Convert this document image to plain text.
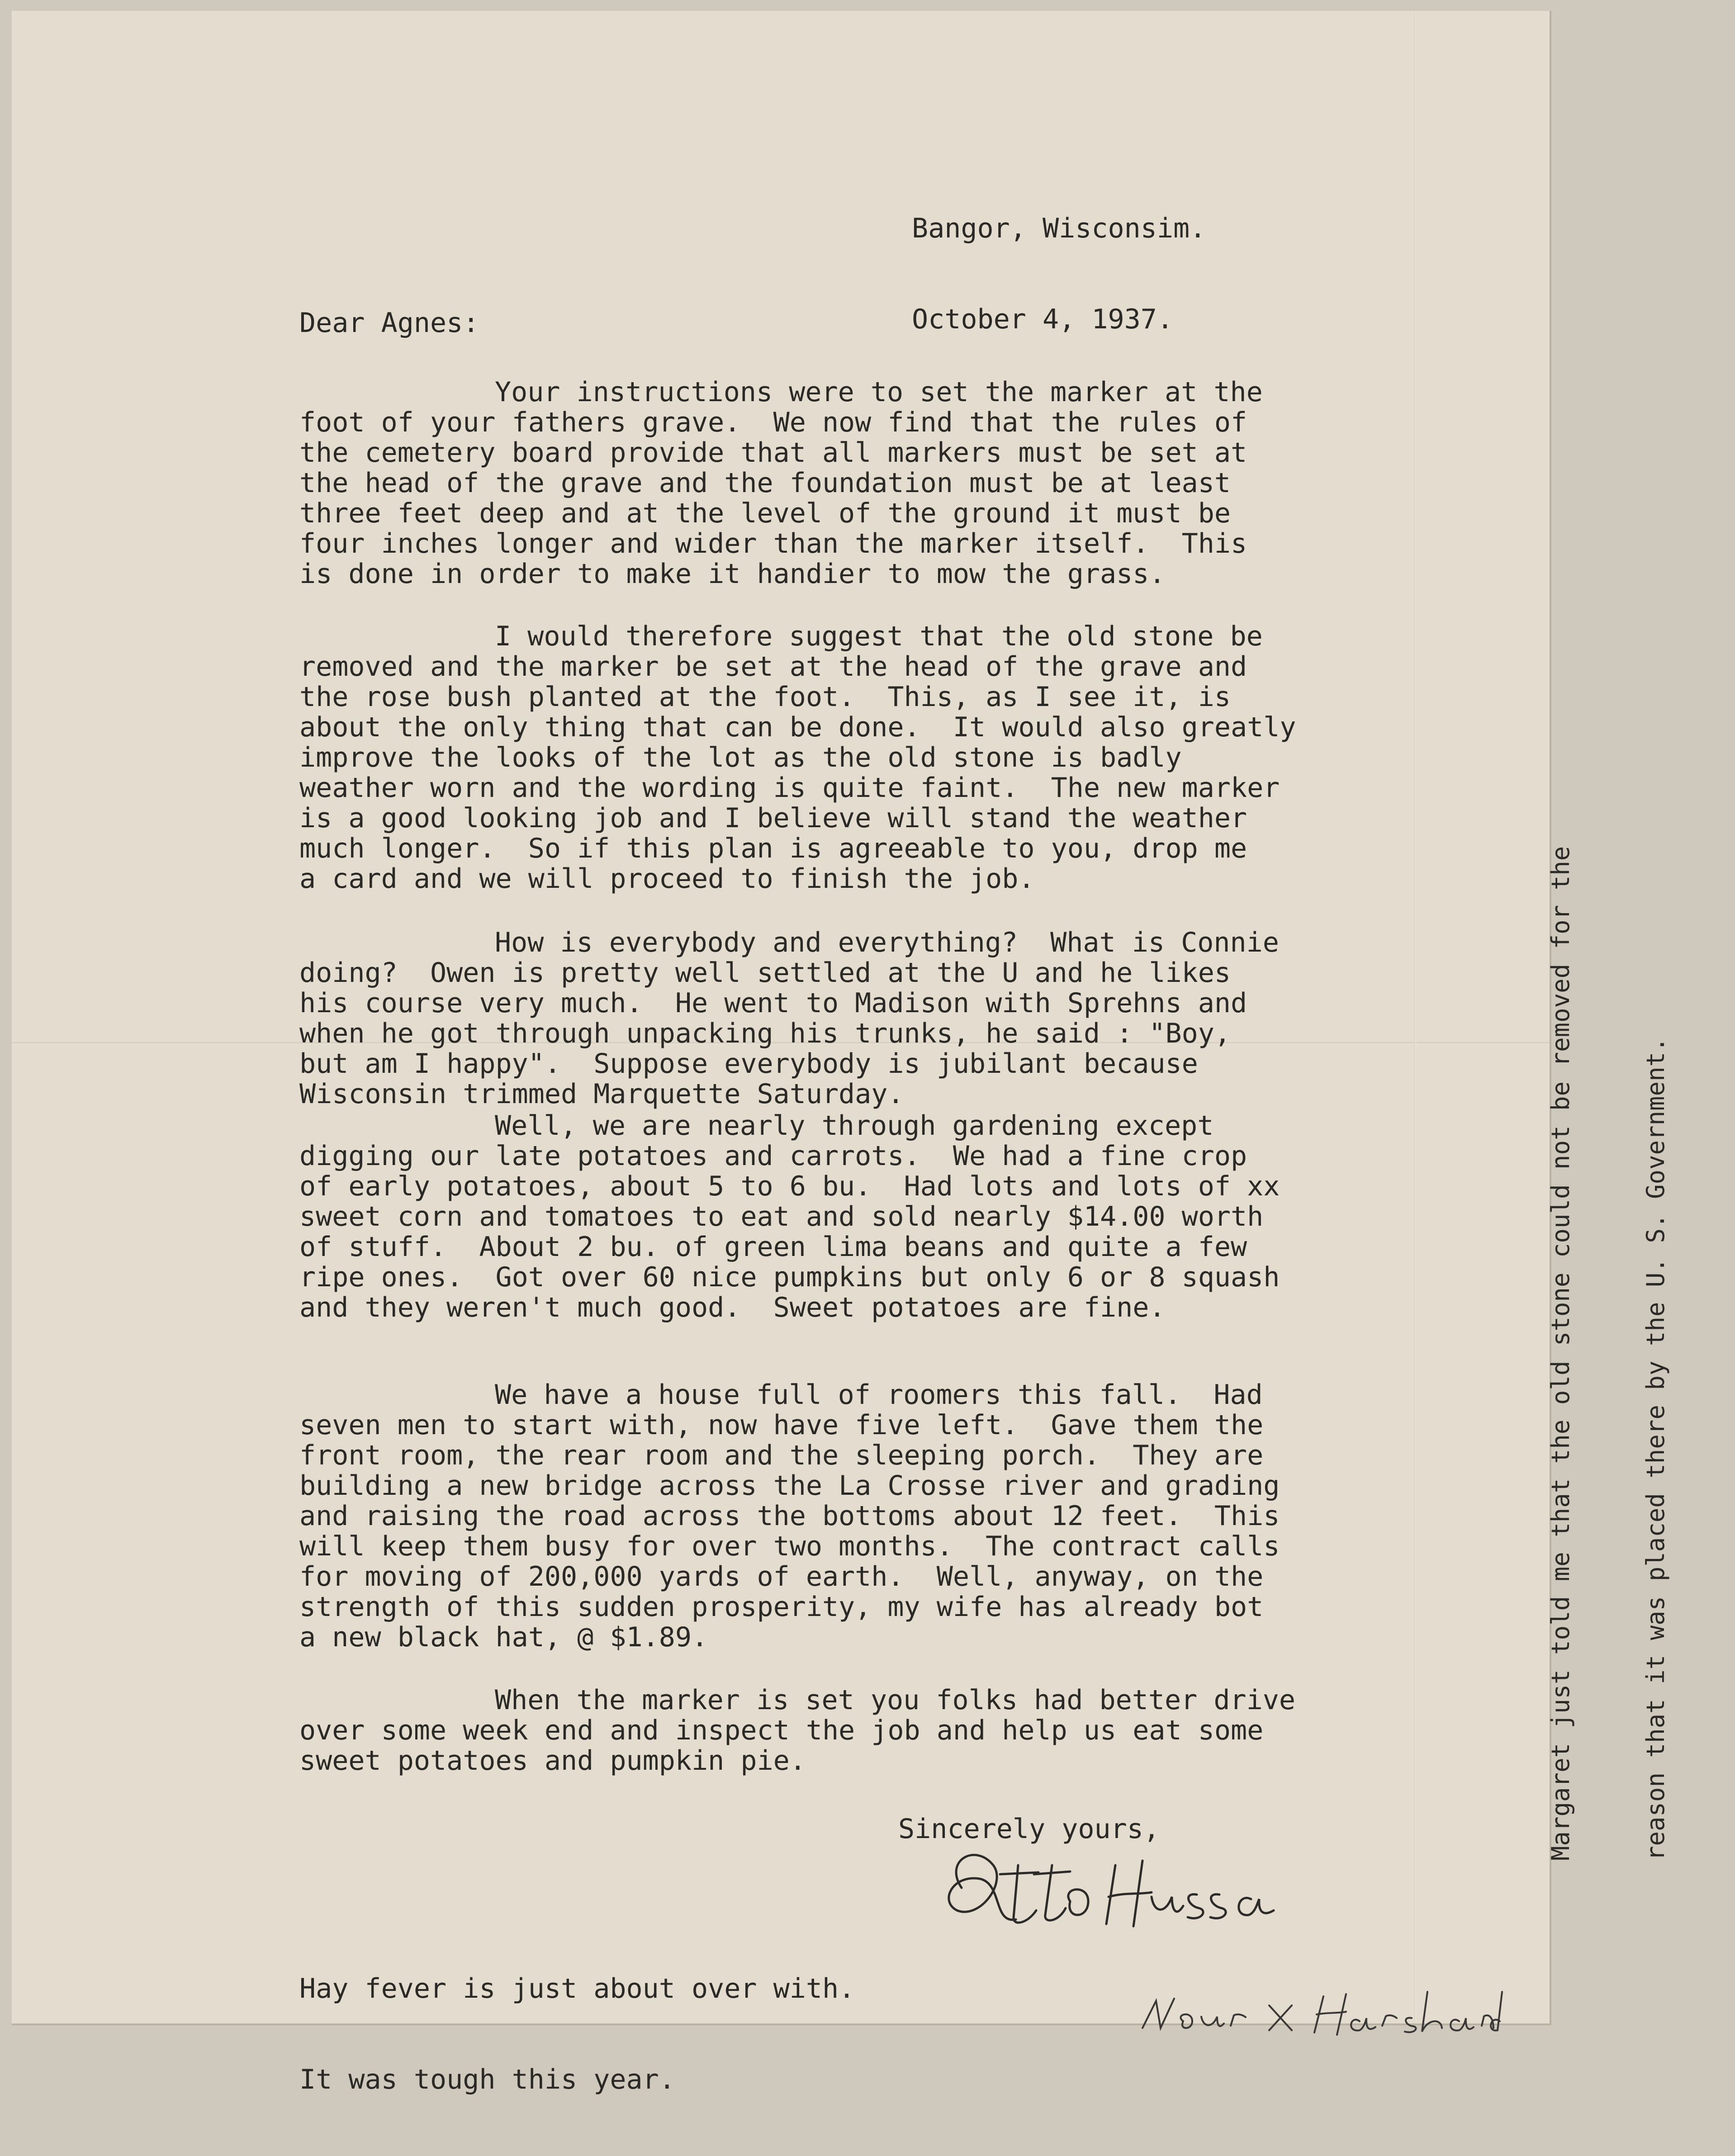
Bangor, Wisconsim.

October 4, 1937.

Dear Agnes:
Your instructions were to set the marker at the
foot of your fathers grave.  We now find that the rules of
the cemetery board provide that all markers must be set at
the head of the grave and the foundation must be at least
three feet deep and at the level of the ground it must be
four inches longer and wider than the marker itself.  This
is done in order to make it handier to mow the grass.
I would therefore suggest that the old stone be
removed and the marker be set at the head of the grave and
the rose bush planted at the foot.  This, as I see it, is
about the only thing that can be done.  It would also greatly
improve the looks of the lot as the old stone is badly
weather worn and the wording is quite faint.  The new marker
is a good looking job and I believe will stand the weather
much longer.  So if this plan is agreeable to you, drop me
a card and we will proceed to finish the job.
How is everybody and everything?  What is Connie
doing?  Owen is pretty well settled at the U and he likes
his course very much.  He went to Madison with Sprehns and
when he got through unpacking his trunks, he said : "Boy,
but am I happy".  Suppose everybody is jubilant because
Wisconsin trimmed Marquette Saturday.
Well, we are nearly through gardening except
digging our late potatoes and carrots.  We had a fine crop
of early potatoes, about 5 to 6 bu.  Had lots and lots of xx
sweet corn and tomatoes to eat and sold nearly $14.00 worth
of stuff.  About 2 bu. of green lima beans and quite a few
ripe ones.  Got over 60 nice pumpkins but only 6 or 8 squash
and they weren't much good.  Sweet potatoes are fine.
We have a house full of roomers this fall.  Had
seven men to start with, now have five left.  Gave them the
front room, the rear room and the sleeping porch.  They are
building a new bridge across the La Crosse river and grading
and raising the road across the bottoms about 12 feet.  This
will keep them busy for over two months.  The contract calls
for moving of 200,000 yards of earth.  Well, anyway, on the
strength of this sudden prosperity, my wife has already bot
a new black hat, @ $1.89.
When the marker is set you folks had better drive
over some week end and inspect the job and help us eat some
sweet potatoes and pumpkin pie.
Sincerely yours,

Hay fever is just about over with.

It was tough this year.

Margaret just told me that the old stone could not be removed for the

	reason that it was placed there by the U. S. Government.
